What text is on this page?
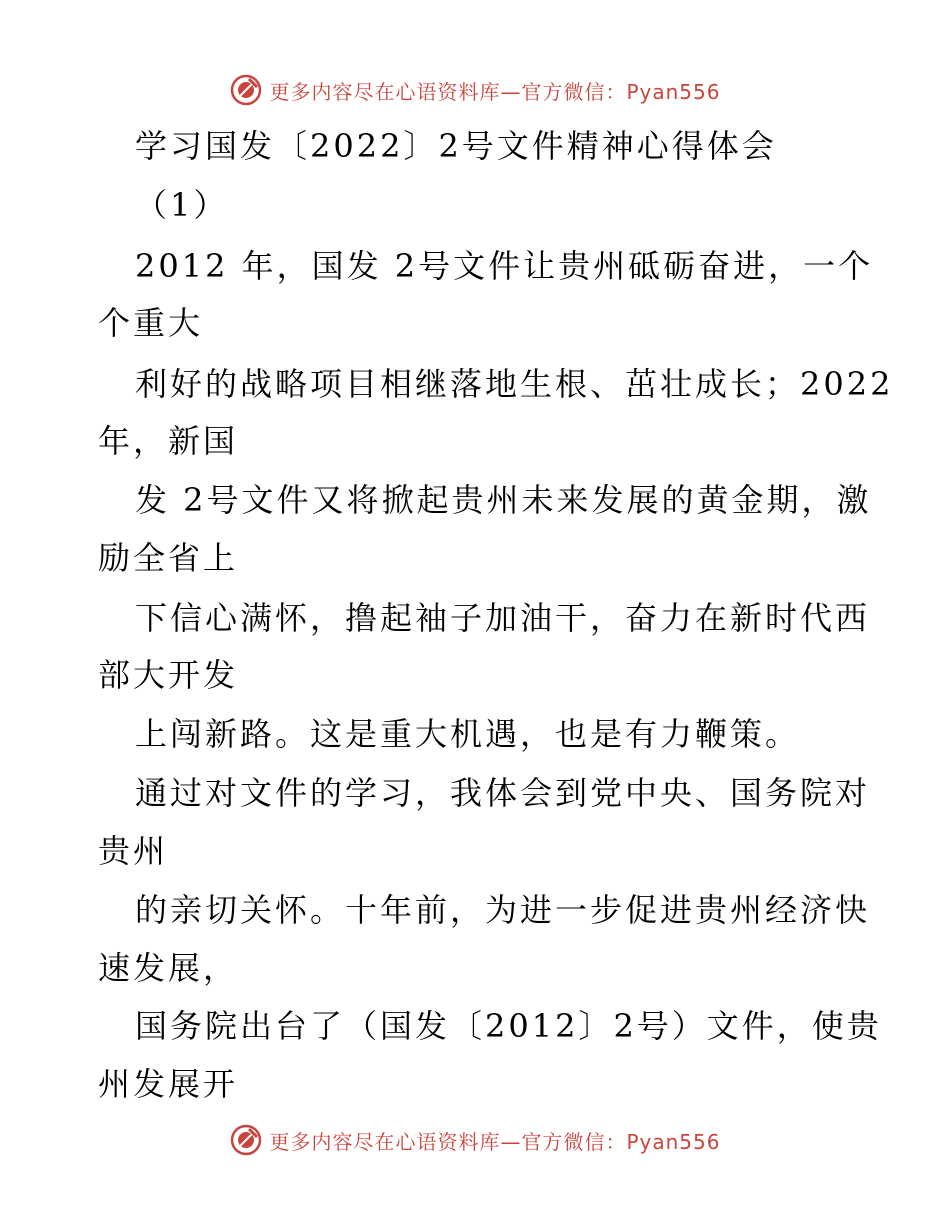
更多内容尽在心语资料库—官方微信：Pyan556
学习国发〔2022〕2号文件精神心得体会
（1）
2012 年，国发 2号文件让贵州砥砺奋进，一个
个重大
利好的战略项目相继落地生根、茁壮成长；2022
年，新国
发 2号文件又将掀起贵州未来发展的黄金期，激
励全省上
下信心满怀，撸起袖子加油干，奋力在新时代西
部大开发
上闯新路。这是重大机遇，也是有力鞭策。
通过对文件的学习，我体会到党中央、国务院对
贵州
的亲切关怀。十年前，为进一步促进贵州经济快
速发展，
国务院出台了（国发〔2012〕2号）文件，使贵
州发展开
更多内容尽在心语资料库—官方微信：Pyan556
